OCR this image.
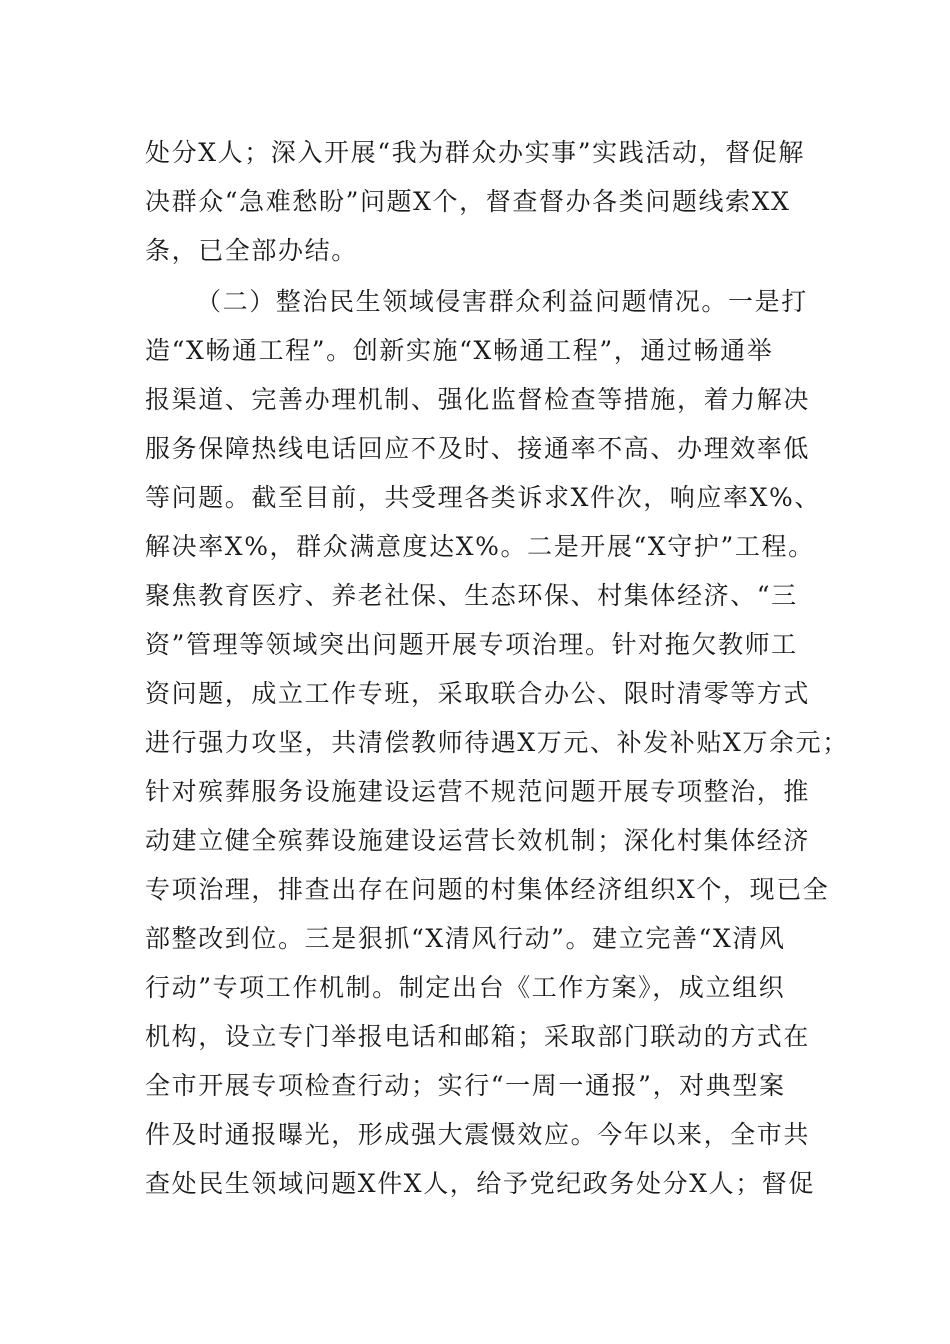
处分X人；深入开展“我为群众办实事”实践活动，督促解
决群众“急难愁盼”问题X个，督查督办各类问题线索XX
条，已全部办结。
（二）整治民生领域侵害群众利益问题情况。一是打
造“X畅通工程”。创新实施“X畅通工程”，通过畅通举
报渠道、完善办理机制、强化监督检查等措施，着力解决
服务保障热线电话回应不及时、接通率不高、办理效率低
等问题。截至目前，共受理各类诉求X件次，响应率X%、
解决率X%，群众满意度达X%。二是开展“X守护”工程。
聚焦教育医疗、养老社保、生态环保、村集体经济、“三
资”管理等领域突出问题开展专项治理。针对拖欠教师工
资问题，成立工作专班，采取联合办公、限时清零等方式
进行强力攻坚，共清偿教师待遇X万元、补发补贴X万余元；
针对殡葬服务设施建设运营不规范问题开展专项整治，推
动建立健全殡葬设施建设运营长效机制；深化村集体经济
专项治理，排查出存在问题的村集体经济组织X个，现已全
部整改到位。三是狠抓“X清风行动”。建立完善“X清风
行动”专项工作机制。制定出台《工作方案》，成立组织
机构，设立专门举报电话和邮箱；采取部门联动的方式在
全市开展专项检查行动；实行“一周一通报”，对典型案
件及时通报曝光，形成强大震慑效应。今年以来，全市共
查处民生领域问题X件X人，给予党纪政务处分X人；督促
